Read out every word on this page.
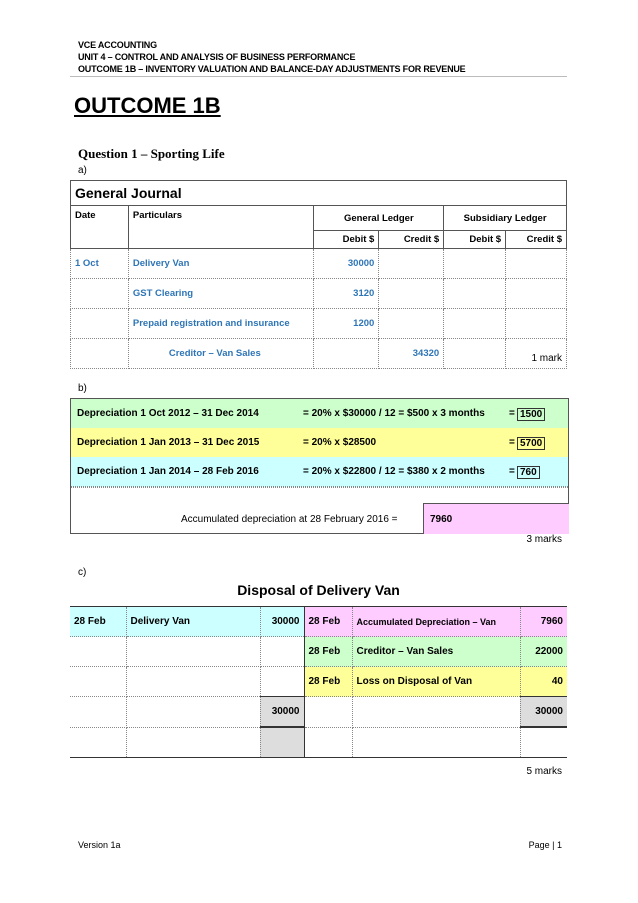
VCE ACCOUNTING
UNIT 4 – CONTROL AND ANALYSIS OF BUSINESS PERFORMANCE
OUTCOME 1B – INVENTORY VALUATION AND BALANCE-DAY ADJUSTMENTS FOR REVENUE
OUTCOME 1B
Question 1 – Sporting Life
a)
General Journal					
Date	Particulars	General Ledger		Subsidiary Ledger	
		Debit $	Credit $	Debit $	Credit $
1 Oct	Delivery Van	30000			
	GST Clearing	3120			
	Prepaid registration and insurance	1200			
	Creditor – Van Sales		34320			1 mark
b)
Depreciation 1 Oct 2012 – 31 Dec 2014	= 20% x $30000 / 12 = $500 x 3 months = 1500
Depreciation 1 Jan 2013 – 31 Dec 2015	= 20% x $28500	= 5700
Depreciation 1 Jan 2014 – 28 Feb 2016	= 20% x $22800 / 12 = $380 x 2 months = 760
Accumulated depreciation at 28 February 2016 =	7960
3 marks
c)
Disposal of Delivery Van
28 Feb	Delivery Van	30000	28 Feb	Accumulated Depreciation – Van	7960
			28 Feb	Creditor – Van Sales	22000
			28 Feb	Loss on Disposal of Van	40
		30000			30000

5 marks
Version 1a	Page | 1
